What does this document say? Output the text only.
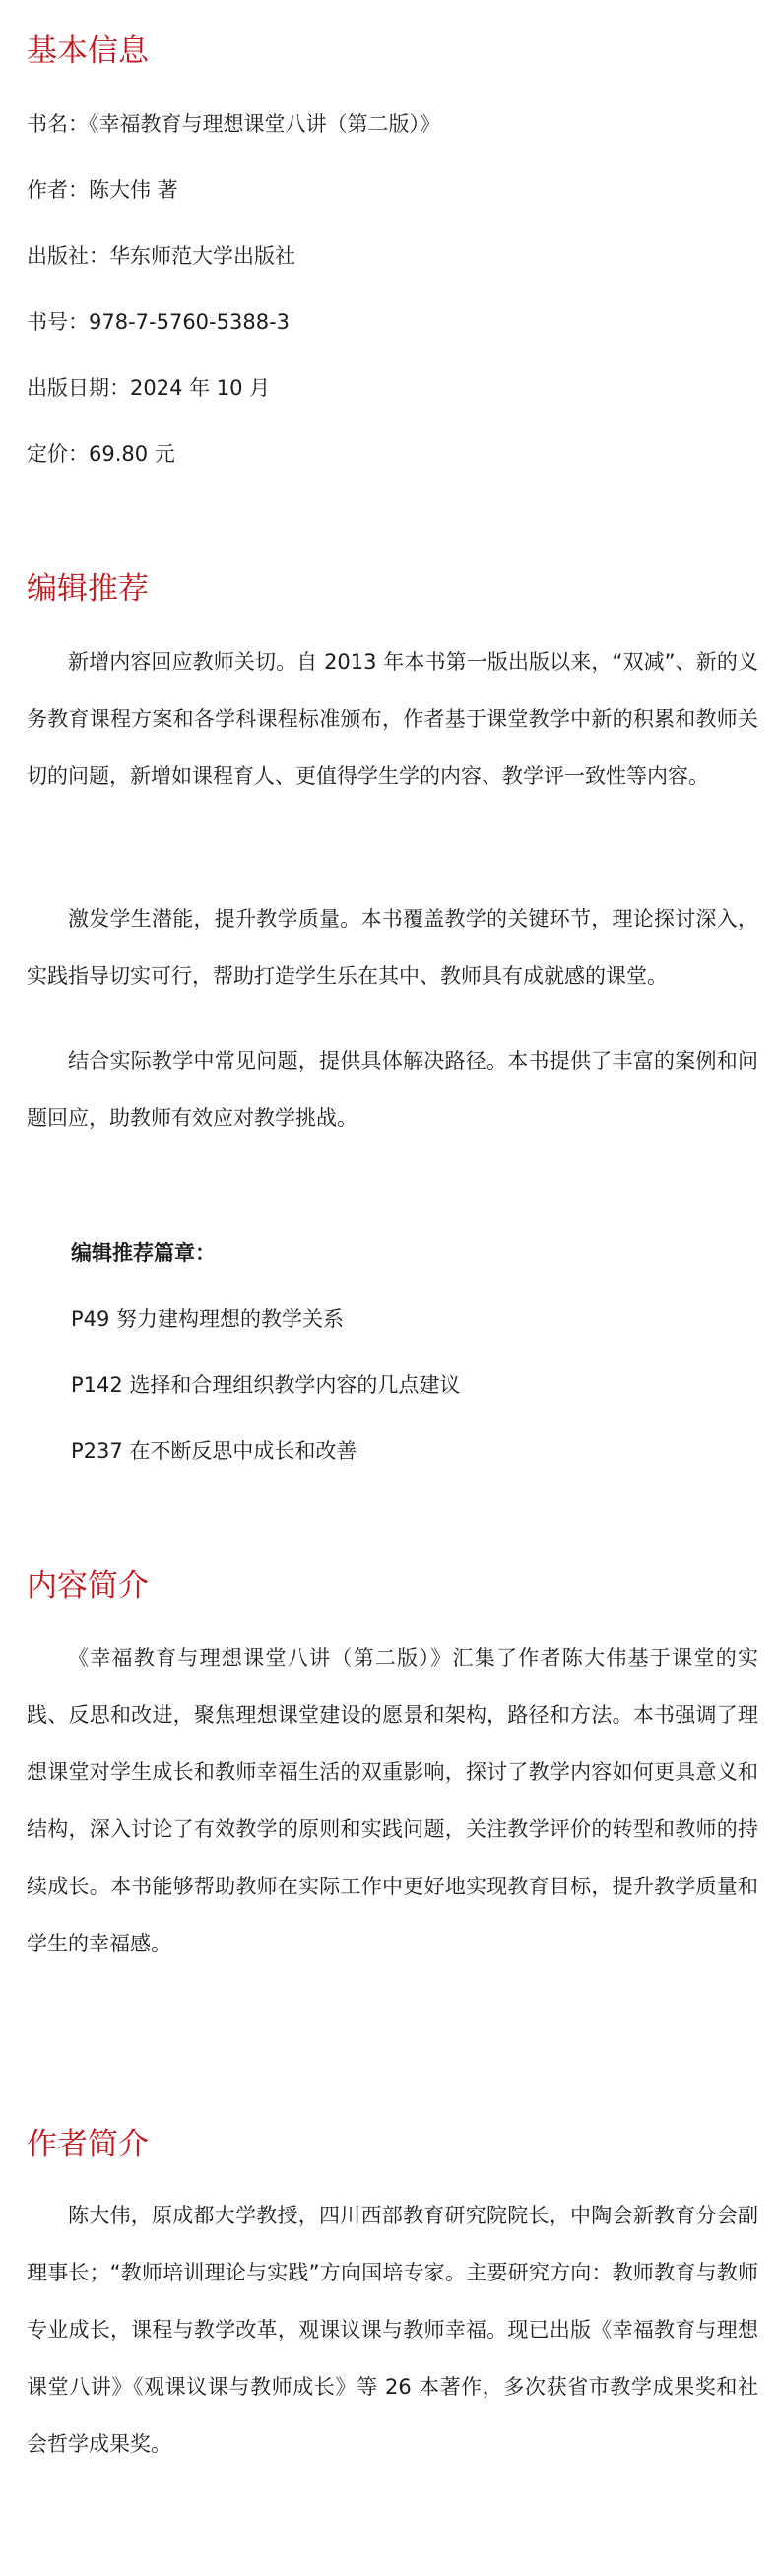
基本信息

书名：《幸福教育与理想课堂八讲（第二版）》

作者：陈大伟 著

出版社：华东师范大学出版社

书号：978-7-5760-5388-3

出版日期：2024 年 10 月

定价：69.80 元

编辑推荐

新增内容回应教师关切。自 2013 年本书第一版出版以来，“双减”、新的义务教育课程方案和各学科课程标准颁布，作者基于课堂教学中新的积累和教师关切的问题，新增如课程育人、更值得学生学的内容、教学评一致性等内容。

激发学生潜能，提升教学质量。本书覆盖教学的关键环节，理论探讨深入，实践指导切实可行，帮助打造学生乐在其中、教师具有成就感的课堂。

结合实际教学中常见问题，提供具体解决路径。本书提供了丰富的案例和问题回应，助教师有效应对教学挑战。

编辑推荐篇章：

P49 努力建构理想的教学关系

P142 选择和合理组织教学内容的几点建议

P237 在不断反思中成长和改善

内容简介

《幸福教育与理想课堂八讲（第二版）》汇集了作者陈大伟基于课堂的实践、反思和改进，聚焦理想课堂建设的愿景和架构，路径和方法。本书强调了理想课堂对学生成长和教师幸福生活的双重影响，探讨了教学内容如何更具意义和结构，深入讨论了有效教学的原则和实践问题，关注教学评价的转型和教师的持续成长。本书能够帮助教师在实际工作中更好地实现教育目标，提升教学质量和学生的幸福感。

作者简介

陈大伟，原成都大学教授，四川西部教育研究院院长，中陶会新教育分会副理事长；“教师培训理论与实践”方向国培专家。主要研究方向：教师教育与教师专业成长，课程与教学改革，观课议课与教师幸福。现已出版《幸福教育与理想课堂八讲》《观课议课与教师成长》等 26 本著作，多次获省市教学成果奖和社会哲学成果奖。
